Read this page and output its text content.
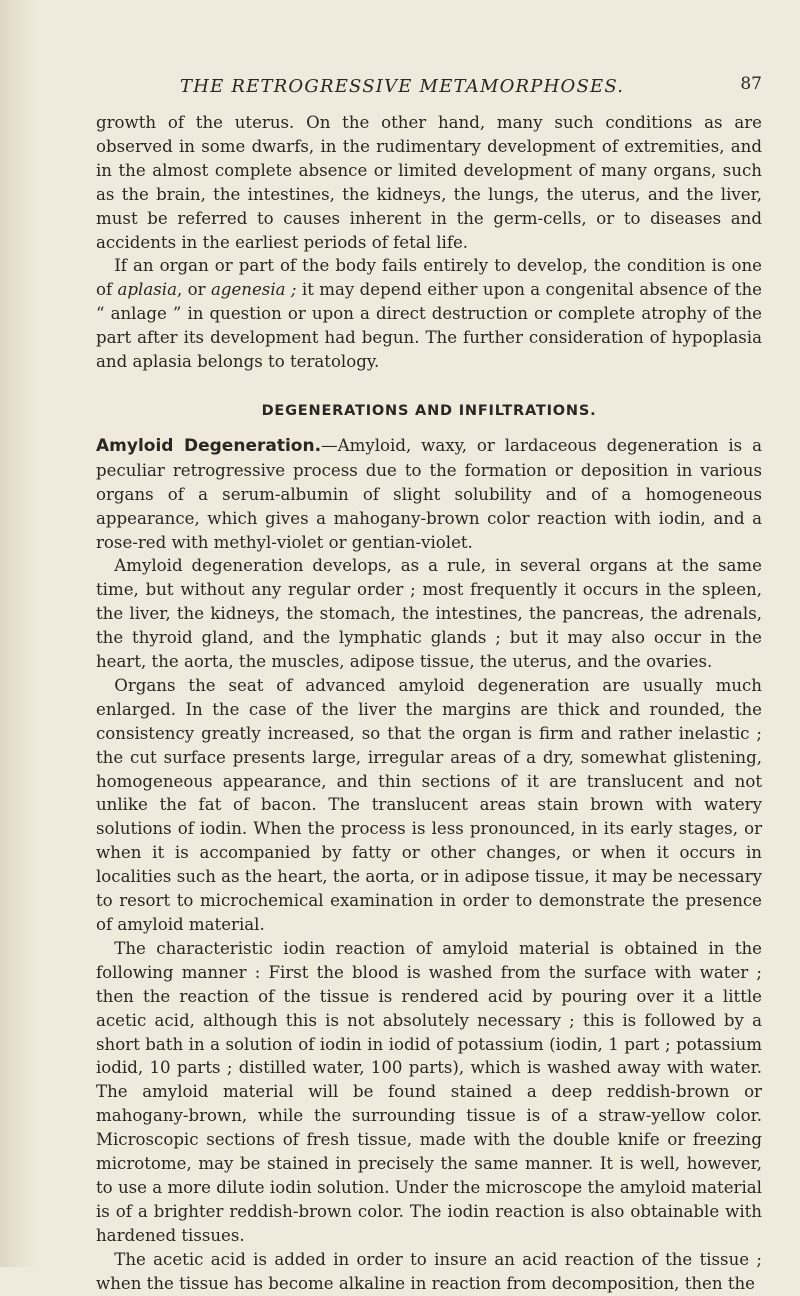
THE RETROGRESSIVE METAMORPHOSES.	87

growth of the uterus. On the other hand, many such conditions as are observed in some dwarfs, in the rudimentary development of extremities, and in the almost complete absence or limited development of many organs, such as the brain, the intestines, the kidneys, the lungs, the uterus, and the liver, must be referred to causes inherent in the germ-cells, or to diseases and accidents in the earliest periods of fetal life.

If an organ or part of the body fails entirely to develop, the condition is one of aplasia, or agenesia ; it may depend either upon a congenital absence of the “ anlage ” in question or upon a direct destruction or complete atrophy of the part after its development had begun. The further consideration of hypoplasia and aplasia belongs to teratology.

DEGENERATIONS AND INFILTRATIONS.

Amyloid Degeneration.—Amyloid, waxy, or lardaceous degeneration is a peculiar retrogressive process due to the formation or deposition in various organs of a serum-albumin of slight solubility and of a homogeneous appearance, which gives a mahogany-brown color reaction with iodin, and a rose-red with methyl-violet or gentian-violet.

Amyloid degeneration develops, as a rule, in several organs at the same time, but without any regular order ; most frequently it occurs in the spleen, the liver, the kidneys, the stomach, the intestines, the pancreas, the adrenals, the thyroid gland, and the lymphatic glands ; but it may also occur in the heart, the aorta, the muscles, adipose tissue, the uterus, and the ovaries.

Organs the seat of advanced amyloid degeneration are usually much enlarged. In the case of the liver the margins are thick and rounded, the consistency greatly increased, so that the organ is firm and rather inelastic ; the cut surface presents large, irregular areas of a dry, somewhat glistening, homogeneous appearance, and thin sections of it are translucent and not unlike the fat of bacon. The translucent areas stain brown with watery solutions of iodin. When the process is less pronounced, in its early stages, or when it is accompanied by fatty or other changes, or when it occurs in localities such as the heart, the aorta, or in adipose tissue, it may be necessary to resort to microchemical examination in order to demonstrate the presence of amyloid material.

The characteristic iodin reaction of amyloid material is obtained in the following manner : First the blood is washed from the surface with water ; then the reaction of the tissue is rendered acid by pouring over it a little acetic acid, although this is not absolutely necessary ; this is followed by a short bath in a solution of iodin in iodid of potassium (iodin, 1 part ; potassium iodid, 10 parts ; distilled water, 100 parts), which is washed away with water. The amyloid material will be found stained a deep reddish-brown or mahogany-brown, while the surrounding tissue is of a straw-yellow color. Microscopic sections of fresh tissue, made with the double knife or freezing microtome, may be stained in precisely the same manner. It is well, however, to use a more dilute iodin solution. Under the microscope the amyloid material is of a brighter reddish-brown color. The iodin reaction is also obtainable with hardened tissues.

The acetic acid is added in order to insure an acid reaction of the tissue ; when the tissue has become alkaline in reaction from decomposition, then the
